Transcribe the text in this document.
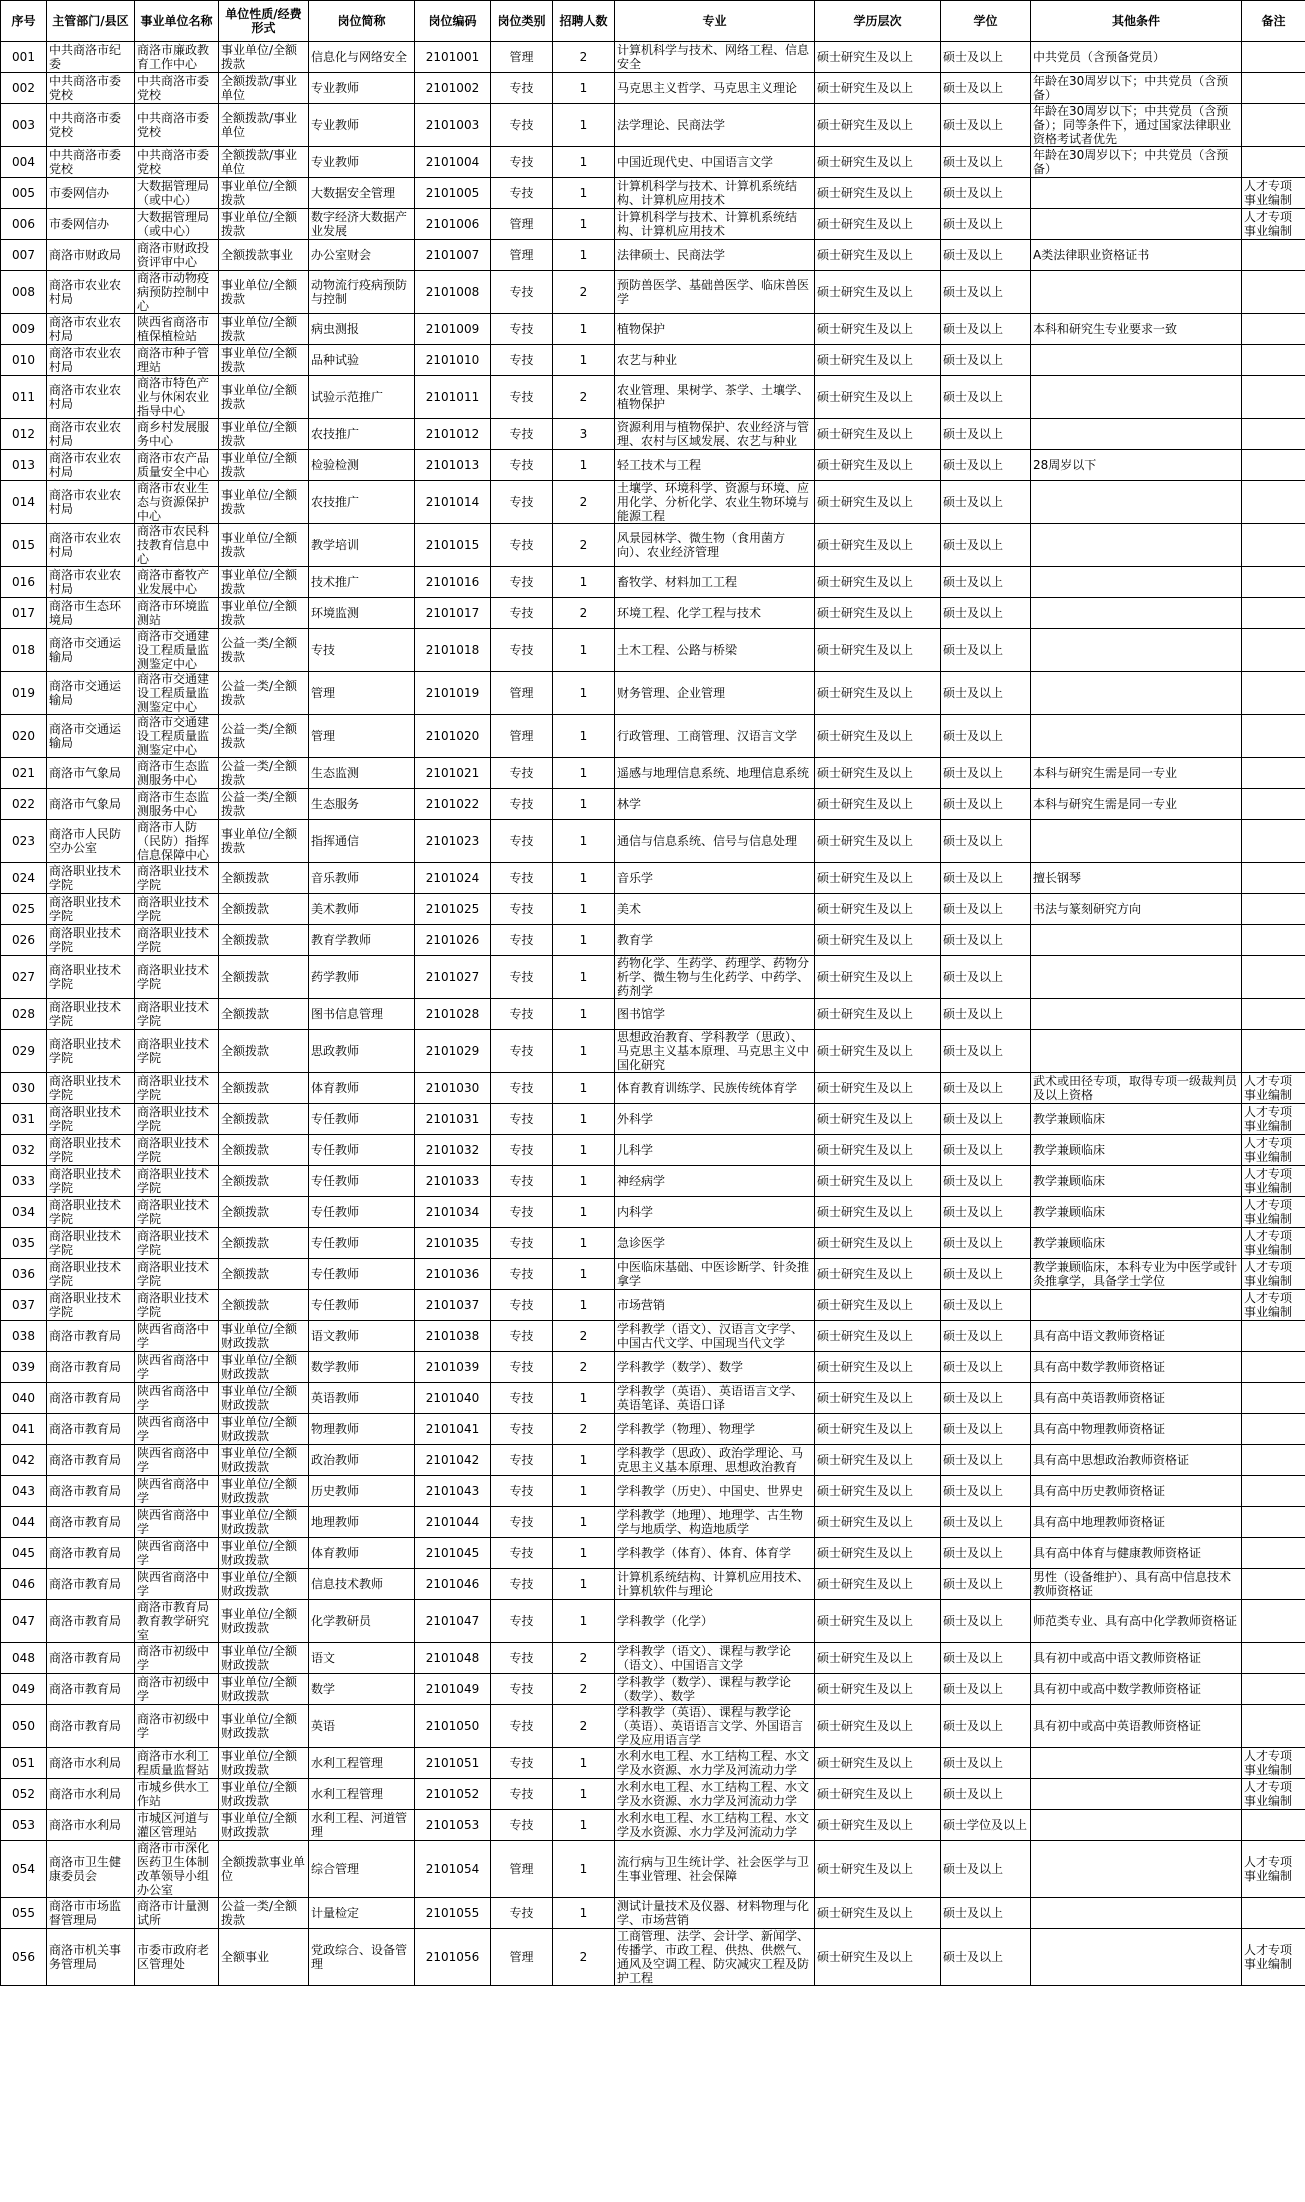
序号	主管部门/县区	事业单位名称	单位性质/经费形式	岗位简称	岗位编码	岗位类别	招聘人数	专业	学历层次	学位	其他条件	备注
001	中共商洛市纪委	商洛市廉政教育工作中心	事业单位/全额拨款	信息化与网络安全	2101001	管理	2	计算机科学与技术、网络工程、信息安全	硕士研究生及以上	硕士及以上	中共党员（含预备党员）	
002	中共商洛市委党校	中共商洛市委党校	全额拨款/事业单位	专业教师	2101002	专技	1	马克思主义哲学、马克思主义理论	硕士研究生及以上	硕士及以上	年龄在30周岁以下；中共党员（含预备）	
003	中共商洛市委党校	中共商洛市委党校	全额拨款/事业单位	专业教师	2101003	专技	1	法学理论、民商法学	硕士研究生及以上	硕士及以上	年龄在30周岁以下；中共党员（含预备）；同等条件下，通过国家法律职业资格考试者优先	
004	中共商洛市委党校	中共商洛市委党校	全额拨款/事业单位	专业教师	2101004	专技	1	中国近现代史、中国语言文学	硕士研究生及以上	硕士及以上	年龄在30周岁以下；中共党员（含预备）	
005	市委网信办	大数据管理局（或中心）	事业单位/全额拨款	大数据安全管理	2101005	专技	1	计算机科学与技术、计算机系统结构、计算机应用技术	硕士研究生及以上	硕士及以上		人才专项事业编制
006	市委网信办	大数据管理局（或中心）	事业单位/全额拨款	数字经济大数据产业发展	2101006	管理	1	计算机科学与技术、计算机系统结构、计算机应用技术	硕士研究生及以上	硕士及以上		人才专项事业编制
007	商洛市财政局	商洛市财政投资评审中心	全额拨款事业	办公室财会	2101007	管理	1	法律硕士、民商法学	硕士研究生及以上	硕士及以上	A类法律职业资格证书	
008	商洛市农业农村局	商洛市动物疫病预防控制中心	事业单位/全额拨款	动物流行疫病预防与控制	2101008	专技	2	预防兽医学、基础兽医学、临床兽医学	硕士研究生及以上	硕士及以上		
009	商洛市农业农村局	陕西省商洛市植保植检站	事业单位/全额拨款	病虫测报	2101009	专技	1	植物保护	硕士研究生及以上	硕士及以上	本科和研究生专业要求一致	
010	商洛市农业农村局	商洛市种子管理站	事业单位/全额拨款	品种试验	2101010	专技	1	农艺与种业	硕士研究生及以上	硕士及以上		
011	商洛市农业农村局	商洛市特色产业与休闲农业指导中心	事业单位/全额拨款	试验示范推广	2101011	专技	2	农业管理、果树学、茶学、土壤学、植物保护	硕士研究生及以上	硕士及以上		
012	商洛市农业农村局	商乡村发展服务中心	事业单位/全额拨款	农技推广	2101012	专技	3	资源利用与植物保护、农业经济与管理、农村与区域发展、农艺与种业	硕士研究生及以上	硕士及以上		
013	商洛市农业农村局	商洛市农产品质量安全中心	事业单位/全额拨款	检验检测	2101013	专技	1	轻工技术与工程	硕士研究生及以上	硕士及以上	28周岁以下	
014	商洛市农业农村局	商洛市农业生态与资源保护中心	事业单位/全额拨款	农技推广	2101014	专技	2	土壤学、环境科学、资源与环境、应用化学、分析化学、农业生物环境与能源工程	硕士研究生及以上	硕士及以上		
015	商洛市农业农村局	商洛市农民科技教育信息中心	事业单位/全额拨款	教学培训	2101015	专技	2	风景园林学、微生物（食用菌方向）、农业经济管理	硕士研究生及以上	硕士及以上		
016	商洛市农业农村局	商洛市畜牧产业发展中心	事业单位/全额拨款	技术推广	2101016	专技	1	畜牧学、材料加工工程	硕士研究生及以上	硕士及以上		
017	商洛市生态环境局	商洛市环境监测站	事业单位/全额拨款	环境监测	2101017	专技	2	环境工程、化学工程与技术	硕士研究生及以上	硕士及以上		
018	商洛市交通运输局	商洛市交通建设工程质量监测鉴定中心	公益一类/全额拨款	专技	2101018	专技	1	土木工程、公路与桥梁	硕士研究生及以上	硕士及以上		
019	商洛市交通运输局	商洛市交通建设工程质量监测鉴定中心	公益一类/全额拨款	管理	2101019	管理	1	财务管理、企业管理	硕士研究生及以上	硕士及以上		
020	商洛市交通运输局	商洛市交通建设工程质量监测鉴定中心	公益一类/全额拨款	管理	2101020	管理	1	行政管理、工商管理、汉语言文学	硕士研究生及以上	硕士及以上		
021	商洛市气象局	商洛市生态监测服务中心	公益一类/全额拨款	生态监测	2101021	专技	1	遥感与地理信息系统、地理信息系统	硕士研究生及以上	硕士及以上	本科与研究生需是同一专业	
022	商洛市气象局	商洛市生态监测服务中心	公益一类/全额拨款	生态服务	2101022	专技	1	林学	硕士研究生及以上	硕士及以上	本科与研究生需是同一专业	
023	商洛市人民防空办公室	商洛市人防（民防）指挥信息保障中心	事业单位/全额拨款	指挥通信	2101023	专技	1	通信与信息系统、信号与信息处理	硕士研究生及以上	硕士及以上		
024	商洛职业技术学院	商洛职业技术学院	全额拨款	音乐教师	2101024	专技	1	音乐学	硕士研究生及以上	硕士及以上	擅长钢琴	
025	商洛职业技术学院	商洛职业技术学院	全额拨款	美术教师	2101025	专技	1	美术	硕士研究生及以上	硕士及以上	书法与篆刻研究方向	
026	商洛职业技术学院	商洛职业技术学院	全额拨款	教育学教师	2101026	专技	1	教育学	硕士研究生及以上	硕士及以上		
027	商洛职业技术学院	商洛职业技术学院	全额拨款	药学教师	2101027	专技	1	药物化学、生药学、药理学、药物分析学、微生物与生化药学、中药学、药剂学	硕士研究生及以上	硕士及以上		
028	商洛职业技术学院	商洛职业技术学院	全额拨款	图书信息管理	2101028	专技	1	图书馆学	硕士研究生及以上	硕士及以上		
029	商洛职业技术学院	商洛职业技术学院	全额拨款	思政教师	2101029	专技	1	思想政治教育、学科教学（思政）、马克思主义基本原理、马克思主义中国化研究	硕士研究生及以上	硕士及以上		
030	商洛职业技术学院	商洛职业技术学院	全额拨款	体育教师	2101030	专技	1	体育教育训练学、民族传统体育学	硕士研究生及以上	硕士及以上	武术或田径专项，取得专项一级裁判员及以上资格	人才专项事业编制
031	商洛职业技术学院	商洛职业技术学院	全额拨款	专任教师	2101031	专技	1	外科学	硕士研究生及以上	硕士及以上	教学兼顾临床	人才专项事业编制
032	商洛职业技术学院	商洛职业技术学院	全额拨款	专任教师	2101032	专技	1	儿科学	硕士研究生及以上	硕士及以上	教学兼顾临床	人才专项事业编制
033	商洛职业技术学院	商洛职业技术学院	全额拨款	专任教师	2101033	专技	1	神经病学	硕士研究生及以上	硕士及以上	教学兼顾临床	人才专项事业编制
034	商洛职业技术学院	商洛职业技术学院	全额拨款	专任教师	2101034	专技	1	内科学	硕士研究生及以上	硕士及以上	教学兼顾临床	人才专项事业编制
035	商洛职业技术学院	商洛职业技术学院	全额拨款	专任教师	2101035	专技	1	急诊医学	硕士研究生及以上	硕士及以上	教学兼顾临床	人才专项事业编制
036	商洛职业技术学院	商洛职业技术学院	全额拨款	专任教师	2101036	专技	1	中医临床基础、中医诊断学、针灸推拿学	硕士研究生及以上	硕士及以上	教学兼顾临床，本科专业为中医学或针灸推拿学，具备学士学位	人才专项事业编制
037	商洛职业技术学院	商洛职业技术学院	全额拨款	专任教师	2101037	专技	1	市场营销	硕士研究生及以上	硕士及以上		人才专项事业编制
038	商洛市教育局	陕西省商洛中学	事业单位/全额财政拨款	语文教师	2101038	专技	2	学科教学（语文）、汉语言文字学、中国古代文学、中国现当代文学	硕士研究生及以上	硕士及以上	具有高中语文教师资格证	
039	商洛市教育局	陕西省商洛中学	事业单位/全额财政拨款	数学教师	2101039	专技	2	学科教学（数学）、数学	硕士研究生及以上	硕士及以上	具有高中数学教师资格证	
040	商洛市教育局	陕西省商洛中学	事业单位/全额财政拨款	英语教师	2101040	专技	1	学科教学（英语）、英语语言文学、英语笔译、英语口译	硕士研究生及以上	硕士及以上	具有高中英语教师资格证	
041	商洛市教育局	陕西省商洛中学	事业单位/全额财政拨款	物理教师	2101041	专技	2	学科教学（物理）、物理学	硕士研究生及以上	硕士及以上	具有高中物理教师资格证	
042	商洛市教育局	陕西省商洛中学	事业单位/全额财政拨款	政治教师	2101042	专技	1	学科教学（思政）、政治学理论、马克思主义基本原理、思想政治教育	硕士研究生及以上	硕士及以上	具有高中思想政治教师资格证	
043	商洛市教育局	陕西省商洛中学	事业单位/全额财政拨款	历史教师	2101043	专技	1	学科教学（历史）、中国史、世界史	硕士研究生及以上	硕士及以上	具有高中历史教师资格证	
044	商洛市教育局	陕西省商洛中学	事业单位/全额财政拨款	地理教师	2101044	专技	1	学科教学（地理）、地理学、古生物学与地质学、构造地质学	硕士研究生及以上	硕士及以上	具有高中地理教师资格证	
045	商洛市教育局	陕西省商洛中学	事业单位/全额财政拨款	体育教师	2101045	专技	1	学科教学（体育）、体育、体育学	硕士研究生及以上	硕士及以上	具有高中体育与健康教师资格证	
046	商洛市教育局	陕西省商洛中学	事业单位/全额财政拨款	信息技术教师	2101046	专技	1	计算机系统结构、计算机应用技术、计算机软件与理论	硕士研究生及以上	硕士及以上	男性（设备维护）、具有高中信息技术教师资格证	
047	商洛市教育局	商洛市教育局教育教学研究室	事业单位/全额财政拨款	化学教研员	2101047	专技	1	学科教学（化学）	硕士研究生及以上	硕士及以上	师范类专业、具有高中化学教师资格证	
048	商洛市教育局	商洛市初级中学	事业单位/全额财政拨款	语文	2101048	专技	2	学科教学（语文）、课程与教学论（语文）、中国语言文学	硕士研究生及以上	硕士及以上	具有初中或高中语文教师资格证	
049	商洛市教育局	商洛市初级中学	事业单位/全额财政拨款	数学	2101049	专技	2	学科教学（数学）、课程与教学论（数学）、数学	硕士研究生及以上	硕士及以上	具有初中或高中数学教师资格证	
050	商洛市教育局	商洛市初级中学	事业单位/全额财政拨款	英语	2101050	专技	2	学科教学（英语）、课程与教学论（英语）、英语语言文学、外国语言学及应用语言学	硕士研究生及以上	硕士及以上	具有初中或高中英语教师资格证	
051	商洛市水利局	商洛市水利工程质量监督站	事业单位/全额财政拨款	水利工程管理	2101051	专技	1	水利水电工程、水工结构工程、水文学及水资源、水力学及河流动力学	硕士研究生及以上	硕士及以上		人才专项事业编制
052	商洛市水利局	市城乡供水工作站	事业单位/全额财政拨款	水利工程管理	2101052	专技	1	水利水电工程、水工结构工程、水文学及水资源、水力学及河流动力学	硕士研究生及以上	硕士及以上		人才专项事业编制
053	商洛市水利局	市城区河道与灌区管理站	事业单位/全额财政拨款	水利工程、河道管理	2101053	专技	1	水利水电工程、水工结构工程、水文学及水资源、水力学及河流动力学	硕士研究生及以上	硕士学位及以上		
054	商洛市卫生健康委员会	商洛市市深化医药卫生体制改革领导小组办公室	全额拨款事业单位	综合管理	2101054	管理	1	流行病与卫生统计学、社会医学与卫生事业管理、社会保障	硕士研究生及以上	硕士及以上		人才专项事业编制
055	商洛市市场监督管理局	商洛市计量测试所	公益一类/全额拨款	计量检定	2101055	专技	1	测试计量技术及仪器、材料物理与化学、市场营销	硕士研究生及以上	硕士及以上		
056	商洛市机关事务管理局	市委市政府老区管理处	全额事业	党政综合、设备管理	2101056	管理	2	工商管理、法学、会计学、新闻学、传播学、市政工程、供热、供燃气、通风及空调工程、防灾减灾工程及防护工程	硕士研究生及以上	硕士及以上		人才专项事业编制
